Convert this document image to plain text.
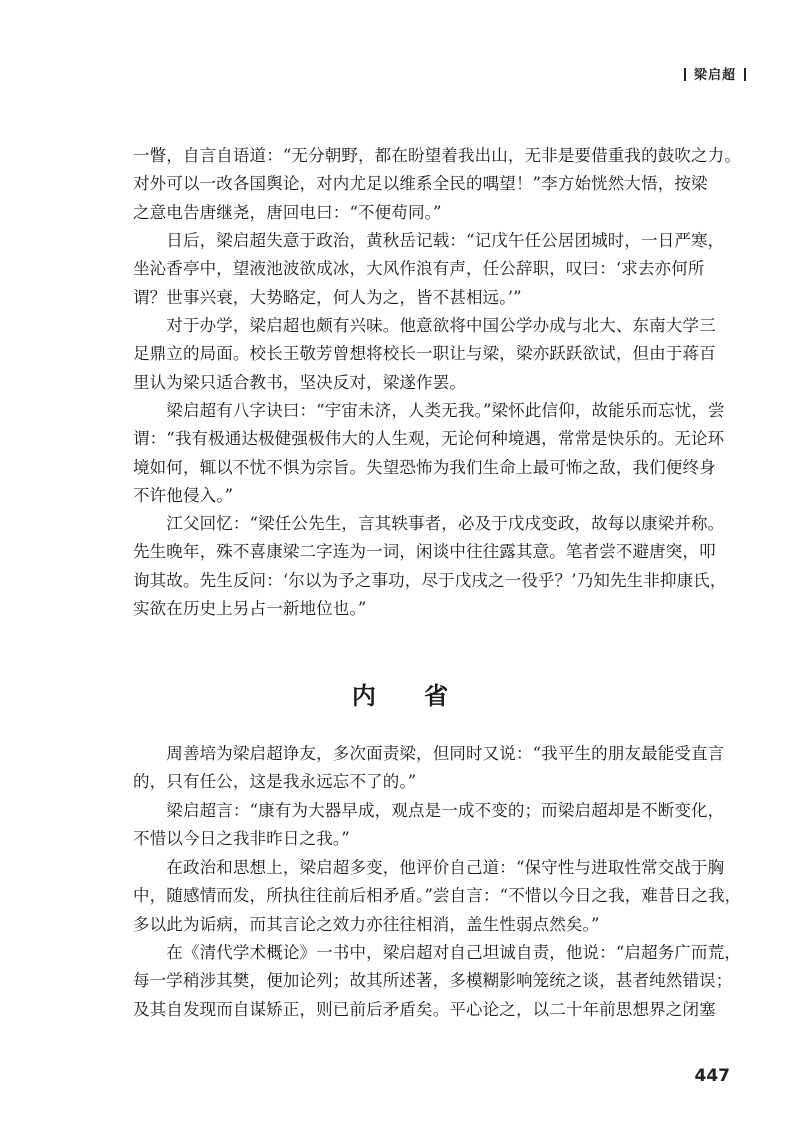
梁启超
一瞥，自言自语道：“无分朝野，都在盼望着我出山，无非是要借重我的鼓吹之力。
对外可以一改各国舆论，对内尤足以维系全民的喁望！”李方始恍然大悟，按梁
之意电告唐继尧，唐回电曰：“不便苟同。”
　　日后，梁启超失意于政治，黄秋岳记载：“记戊午任公居团城时，一日严寒，
坐沁香亭中，望液池波欲成冰，大风作浪有声，任公辞职，叹曰：‘求去亦何所
谓？世事兴衰，大势略定，何人为之，皆不甚相远。’”
　　对于办学，梁启超也颇有兴味。他意欲将中国公学办成与北大、东南大学三
足鼎立的局面。校长王敬芳曾想将校长一职让与梁，梁亦跃跃欲试，但由于蒋百
里认为梁只适合教书，坚决反对，梁遂作罢。
　　梁启超有八字诀曰：“宇宙未济，人类无我。”梁怀此信仰，故能乐而忘忧，尝
谓：“我有极通达极健强极伟大的人生观，无论何种境遇，常常是快乐的。无论环
境如何，辄以不忧不惧为宗旨。失望恐怖为我们生命上最可怖之敌，我们便终身
不许他侵入。”
　　江父回忆：“梁任公先生，言其轶事者，必及于戊戌变政，故每以康梁并称。
先生晚年，殊不喜康梁二字连为一词，闲谈中往往露其意。笔者尝不避唐突，叩
询其故。先生反问：‘尔以为予之事功，尽于戊戌之一役乎？’乃知先生非抑康氏，
实欲在历史上另占一新地位也。”
内 省
　　周善培为梁启超诤友，多次面责梁，但同时又说：“我平生的朋友最能受直言
的，只有任公，这是我永远忘不了的。”
　　梁启超言：“康有为大器早成，观点是一成不变的；而梁启超却是不断变化，
不惜以今日之我非昨日之我。”
　　在政治和思想上，梁启超多变，他评价自己道：“保守性与进取性常交战于胸
中，随感情而发，所执往往前后相矛盾。”尝自言：“不惜以今日之我，难昔日之我，
多以此为诟病，而其言论之效力亦往往相消，盖生性弱点然矣。”
　　在《清代学术概论》一书中，梁启超对自己坦诚自责，他说：“启超务广而荒，
每一学稍涉其樊，便加论列；故其所述著，多模糊影响笼统之谈，甚者纯然错误；
及其自发现而自谋矫正，则已前后矛盾矣。平心论之，以二十年前思想界之闭塞
447
